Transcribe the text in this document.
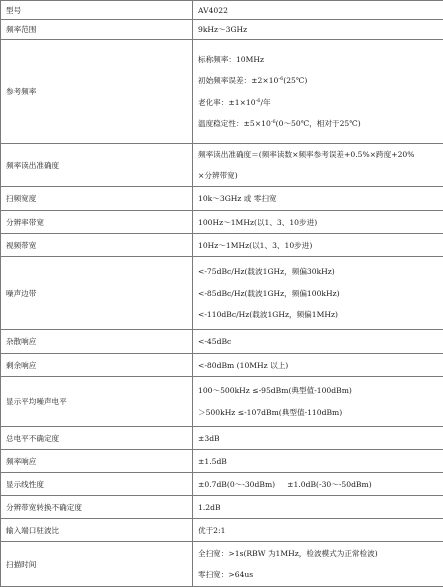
型号	AV4022
频率范围	9kHz～3GHz
参考频率	标称频率：10MHz
初始频率误差：$\pm 2\times 10^{-6}(25℃)$
老化率：$\pm 1\times 10^{-6}/$年
温度稳定性：$\pm 5\times 10^{-6}(0\sim 50℃$，相对于25℃)

频率读出准确度	频率读出准确度＝(频率读数×频率参考误差+0.5%×跨度+20%
×分辨带宽)

扫频宽度	10k～3GHz 或 零扫宽
分辨率带宽	100Hz～1MHz(以1、3、10步进)
视频带宽	10Hz～1MHz(以1、3、10步进)
噪声边带	<-75dBc/Hz(载波1GHz，频偏30kHz)
<-85dBc/Hz(载波1GHz，频偏100kHz)
<-110dBc/Hz(载波1GHz，频偏1MHz)

杂散响应	<-45dBc
剩余响应	<-80dBm (10MHz 以上)
显示平均噪声电平	100～500kHz ≤-95dBm(典型值-100dBm)
＞500kHz ≤-107dBm(典型值-110dBm)

总电平不确定度	±3dB
频率响应	±1.5dB
显示线性度	±0.7dB(0～-30dBm)     ±1.0dB(-30～-50dBm)
分辨带宽转换不确定度	1.2dB
输入端口驻波比	优于2:1
扫描时间	全扫宽：>1s(RBW 为1MHz，检波模式为正常检波)
零扫宽：>64us
